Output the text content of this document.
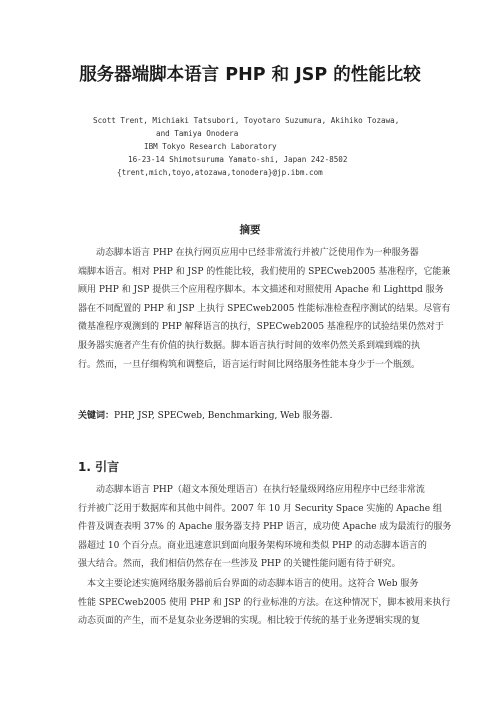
服务器端脚本语言 PHP 和 JSP 的性能比较
Scott Trent, Michiaki Tatsubori, Toyotaro Suzumura, Akihiko Tozawa,
and Tamiya Onodera
IBM Tokyo Research Laboratory
16-23-14 Shimotsuruma Yamato-shi, Japan 242-8502
{trent,mich,toyo,atozawa,tonodera}@jp.ibm.com
摘要
动态脚本语言 PHP 在执行网页应用中已经非常流行并被广泛使用作为一种服务器
端脚本语言。相对 PHP 和 JSP 的性能比较，我们使用的 SPECweb2005 基准程序，它能兼
顾用 PHP 和 JSP 提供三个应用程序脚本。本文描述和对照使用 Apache 和 Lighttpd 服务
器在不同配置的 PHP 和 JSP 上执行 SPECweb2005 性能标准检查程序测试的结果。尽管有
微基准程序观测到的 PHP 解释语言的执行，SPECweb2005 基准程序的试验结果仍然对于
服务器实施者产生有价值的执行数据。脚本语言执行时间的效率仍然关系到端到端的执
行。然而，一旦仔细构筑和调整后，语言运行时间比网络服务性能本身少于一个瓶颈。
关键词：PHP, JSP, SPECweb, Benchmarking, Web 服务器.
1. 引言
动态脚本语言 PHP（超文本预处理语言）在执行轻量级网络应用程序中已经非常流
行并被广泛用于数据库和其他中间件。2007 年 10 月 Security Space 实施的 Apache 组
件普及调查表明 37% 的 Apache 服务器支持 PHP 语言，成功使 Apache 成为最流行的服务
器超过 10 个百分点。商业迅速意识到面向服务架构环境和类似 PHP 的动态脚本语言的
强大结合。然而，我们相信仍然存在一些涉及 PHP 的关键性能问题有待于研究。
本文主要论述实施网络服务器前后台界面的动态脚本语言的使用。这符合 Web 服务
性能 SPECweb2005 使用 PHP 和 JSP 的行业标准的方法。在这种情况下，脚本被用来执行
动态页面的产生，而不是复杂业务逻辑的实现。相比较于传统的基于业务逻辑实现的复
